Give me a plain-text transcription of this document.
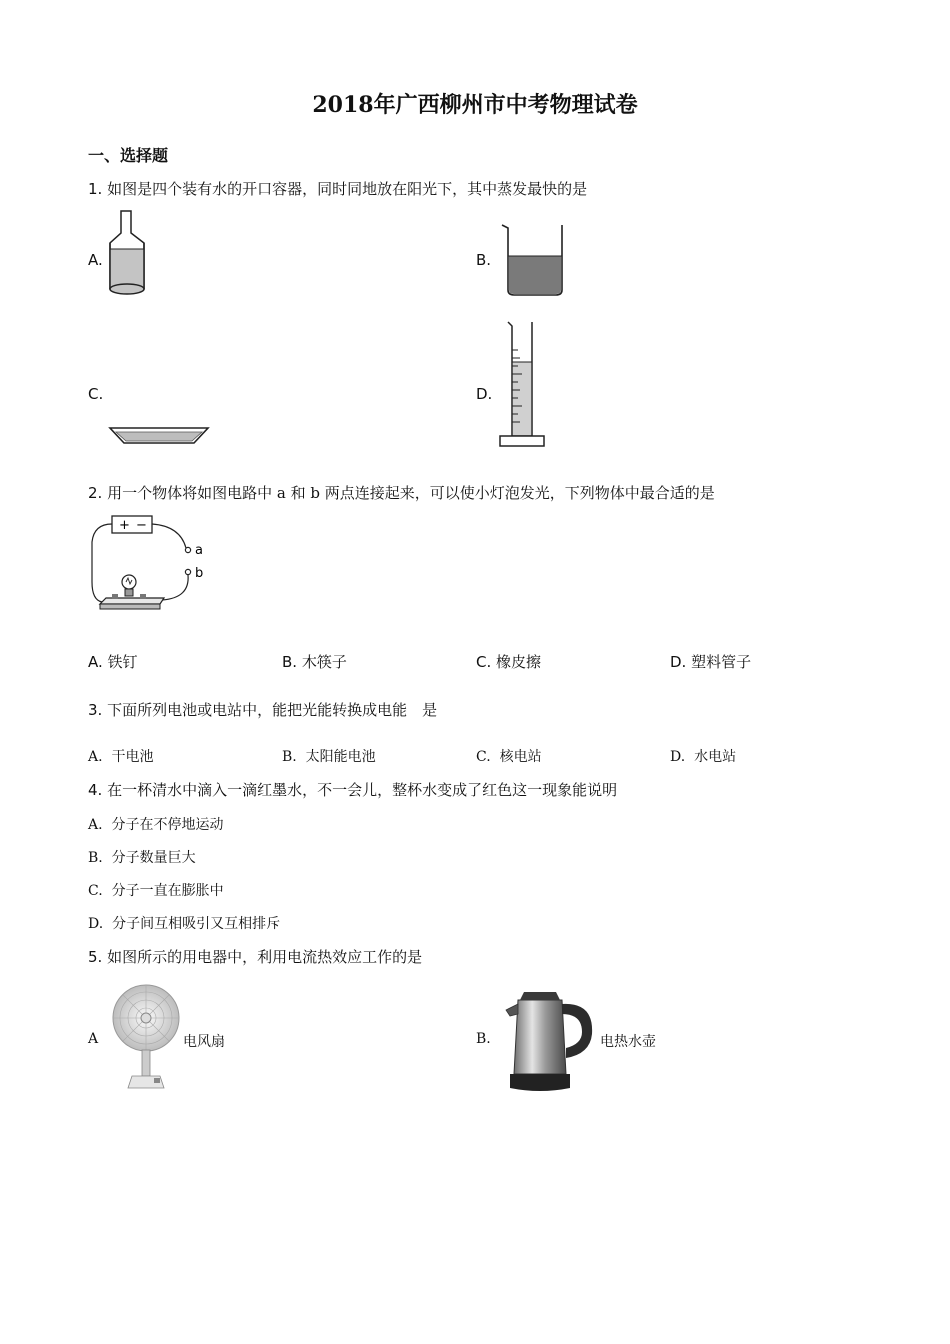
2018年广西柳州市中考物理试卷
一、选择题
1. 如图是四个装有水的开口容器，同时同地放在阳光下，其中蒸发最快的是
A.	B.
C.	D.
2. 用一个物体将如图电路中 a 和 b 两点连接起来，可以使小灯泡发光，下列物体中最合适的是
+ −
a
b
A. 铁钉	B. 木筷子	C. 橡皮擦	D. 塑料管子
3. 下面所列电池或电站中，能把光能转换成电能　是
A. 干电池	B. 太阳能电池	C. 核电站	D. 水电站
4. 在一杯清水中滴入一滴红墨水，不一会儿，整杯水变成了红色这一现象能说明
A. 分子在不停地运动
B. 分子数量巨大
C. 分子一直在膨胀中
D. 分子间互相吸引又互相排斥
5. 如图所示的用电器中，利用电流热效应工作的是
A	电风扇	B.	电热水壶
